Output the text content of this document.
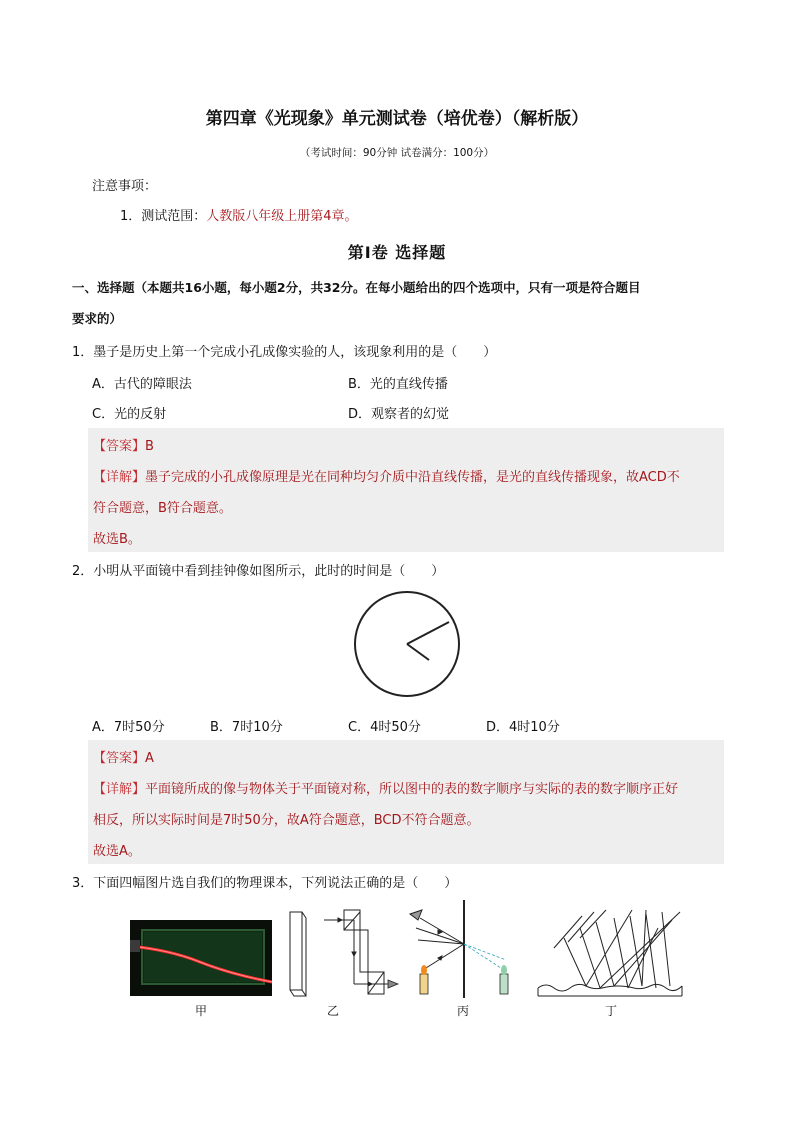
第四章《光现象》单元测试卷（培优卷）（解析版）
（考试时间：90分钟 试卷满分：100分）
注意事项：
1．测试范围：人教版八年级上册第4章。
第Ⅰ卷 选择题
一、选择题（本题共16小题，每小题2分，共32分。在每小题给出的四个选项中，只有一项是符合题目
要求的）
1．墨子是历史上第一个完成小孔成像实验的人，该现象利用的是（　　）
A．古代的障眼法	B．光的直线传播
C．光的反射	D．观察者的幻觉
【答案】B
【详解】墨子完成的小孔成像原理是光在同种均匀介质中沿直线传播，是光的直线传播现象，故ACD不
符合题意，B符合题意。
故选B。
2．小明从平面镜中看到挂钟像如图所示，此时的时间是（　　）
A．7时50分	B．7时10分	C．4时50分	D．4时10分
【答案】A
【详解】平面镜所成的像与物体关于平面镜对称，所以图中的表的数字顺序与实际的表的数字顺序正好
相反，所以实际时间是7时50分，故A符合题意，BCD不符合题意。
故选A。
3．下面四幅图片选自我们的物理课本，下列说法正确的是（　　）
甲	乙	丙	丁
